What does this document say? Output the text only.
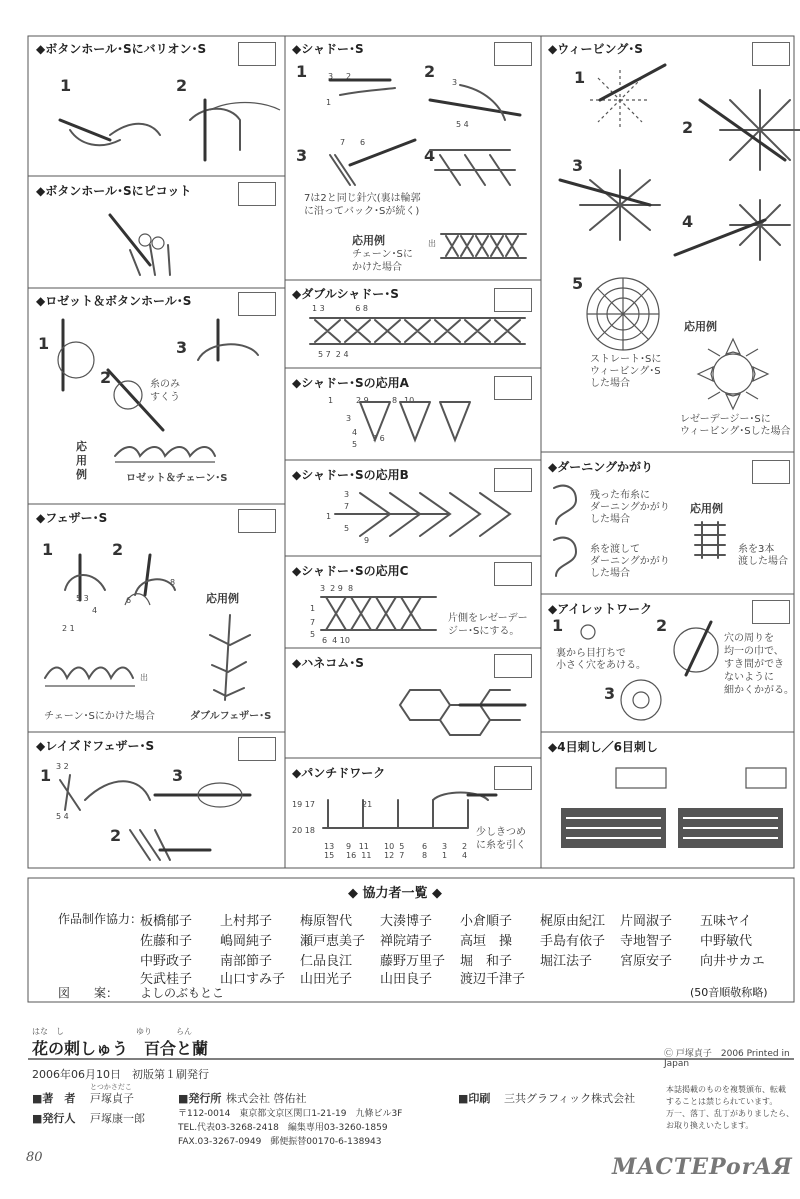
◆ボタンホール･Sにバリオン･S
1	2
◆ボタンホール･Sにピコット
◆ロゼット＆ボタンホール･S
1
2
3
糸のみ
すくう
応用例	ロゼット＆チェーン･S
◆フェザー･S
1	2
5 3
2 1
4
6
8
応用例
出
チェーン･Sにかけた場合	ダブルフェザー･S
◆レイズドフェザー･S
1	3
2
3 2
5 4
◆シャドー･S
1	2
3	4
3 2
1
3
5 4
7 6
7は2と同じ針穴(裏は輪郭
に沿ってバック･Sが続く)
応用例
チェーン･Sに
かけた場合
出
◆ダブルシャドー･S
1 3            6 8
5 7  2 4
◆シャドー･Sの応用A
1	2 9	8 10
3
4
5
7 6
◆シャドー･Sの応用B
3
7
1
5
9
◆シャドー･Sの応用C
3  2 9  8
1
7
5
6  4 10
片側をレゼーデー
ジー･Sにする。
◆ハネコム･S
◆パンチドワーク
19 17
20 18
21
13
15
9   11
16  11
10  5
12  7
6
8
3
1
2
4
少しきつめ
に糸を引く
◆ウィービング･S
1
2
3
4
5
応用例
ストレート･Sに
ウィービング･S
した場合
レゼーデージー･Sに
ウィービング･Sした場合
◆ダーニングかがり
残った布糸に
ダーニングかがり
した場合
糸を渡して
ダーニングかがり
した場合
応用例
糸を3本
渡した場合
◆アイレットワーク
1	2
3
裏から目打ちで
小さく穴をあける。
穴の周りを
均一の巾で、
すき間ができ
ないように
細かくかがる。
◆4目刺し／6目刺し
◆ 協力者一覧 ◆
作品制作協力：
板橋郁子 上村邦子 梅原智代 大湊博子 小倉順子 梶原由紀江 片岡淑子 五味ヤイ
佐藤和子 嶋岡純子 瀬戸恵美子 禅院靖子 高垣　操 手島有依子 寺地智子 中野敏代
中野政子 南部節子 仁品良江 藤野万里子 堀　和子 堀江法子 宮原安子 向井サカエ
矢武桂子 山口すみ子 山田光子 山田良子 渡辺千津子
図　　案： よしのぶもとこ	(50音順敬称略)
はな　し　　　　　　　　　ゆり　　　らん
花の刺しゅう　百合と蘭	Ⓒ 戸塚貞子　2006 Printed in Japan
2006年06月10日　初版第１刷発行
■著　者
とつかさだこ
戸塚貞子
■発行人 戸塚康一郎
■発行所 株式会社 啓佑社
〒112-0014　東京都文京区関口1-21-19　九條ビル3F
TEL.代表03-3268-2418　編集専用03-3260-1859
FAX.03-3267-0949　郵便振替00170-6-138943
■印刷 三共グラフィック株式会社
本誌掲載のものを複製頒布、転載
することは禁じられています。
万一、落丁、乱丁がありましたら、
お取り換えいたします。
80	MACTEPorAЯ
